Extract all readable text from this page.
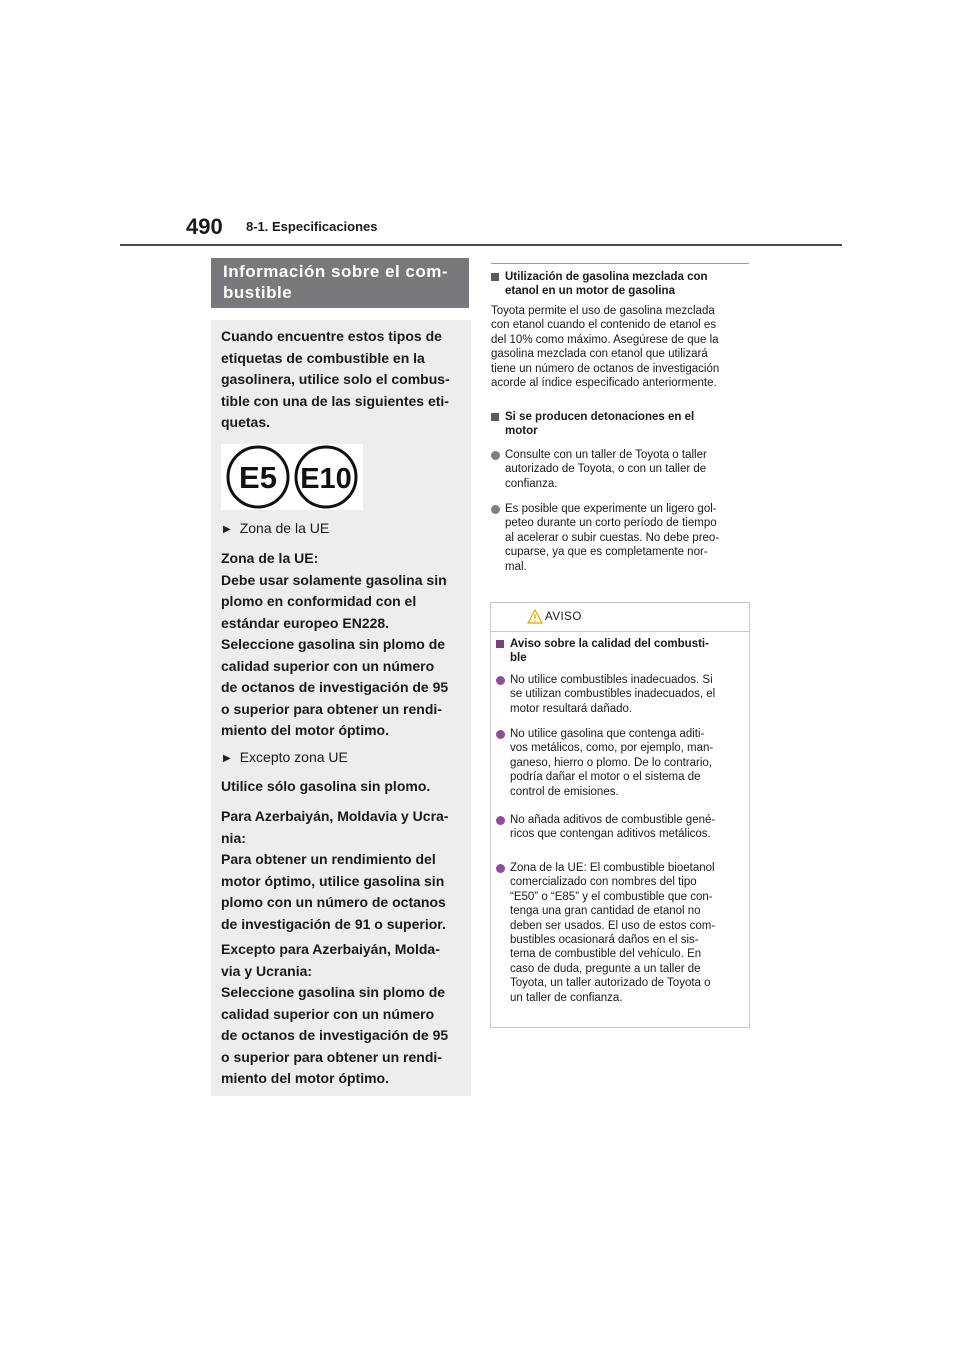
490 8-1. Especificaciones
Información sobre el com-
bustible
Cuando encuentre estos tipos de
etiquetas de combustible en la
gasolinera, utilice solo el combus-
tible con una de las siguientes eti-
quetas.
E5 E10
▶ Zona de la UE
Zona de la UE:
Debe usar solamente gasolina sin
plomo en conformidad con el
estándar europeo EN228.
Seleccione gasolina sin plomo de
calidad superior con un número
de octanos de investigación de 95
o superior para obtener un rendi-
miento del motor óptimo.
▶ Excepto zona UE
Utilice sólo gasolina sin plomo.
Para Azerbaiyán, Moldavia y Ucra-
nia:
Para obtener un rendimiento del
motor óptimo, utilice gasolina sin
plomo con un número de octanos
de investigación de 91 o superior.
Excepto para Azerbaiyán, Molda-
via y Ucrania:
Seleccione gasolina sin plomo de
calidad superior con un número
de octanos de investigación de 95
o superior para obtener un rendi-
miento del motor óptimo.
Utilización de gasolina mezclada con
etanol en un motor de gasolina
Toyota permite el uso de gasolina mezclada
con etanol cuando el contenido de etanol es
del 10% como máximo. Asegúrese de que la
gasolina mezclada con etanol que utilizará
tiene un número de octanos de investigación
acorde al índice especificado anteriormente.
Si se producen detonaciones en el
motor
Consulte con un taller de Toyota o taller
autorizado de Toyota, o con un taller de
confianza.
Es posible que experimente un ligero gol-
peteo durante un corto período de tiempo
al acelerar o subir cuestas. No debe preo-
cuparse, ya que es completamente nor-
mal.
AVISO
Aviso sobre la calidad del combusti-
ble
No utilice combustibles inadecuados. Si
se utilizan combustibles inadecuados, el
motor resultará dañado.
No utilice gasolina que contenga aditi-
vos metálicos, como, por ejemplo, man-
ganeso, hierro o plomo. De lo contrario,
podría dañar el motor o el sistema de
control de emisiones.
No añada aditivos de combustible gené-
ricos que contengan aditivos metálicos.
Zona de la UE: El combustible bioetanol
comercializado con nombres del tipo
“E50” o “E85” y el combustible que con-
tenga una gran cantidad de etanol no
deben ser usados. El uso de estos com-
bustibles ocasionará daños en el sis-
tema de combustible del vehículo. En
caso de duda, pregunte a un taller de
Toyota, un taller autorizado de Toyota o
un taller de confianza.
